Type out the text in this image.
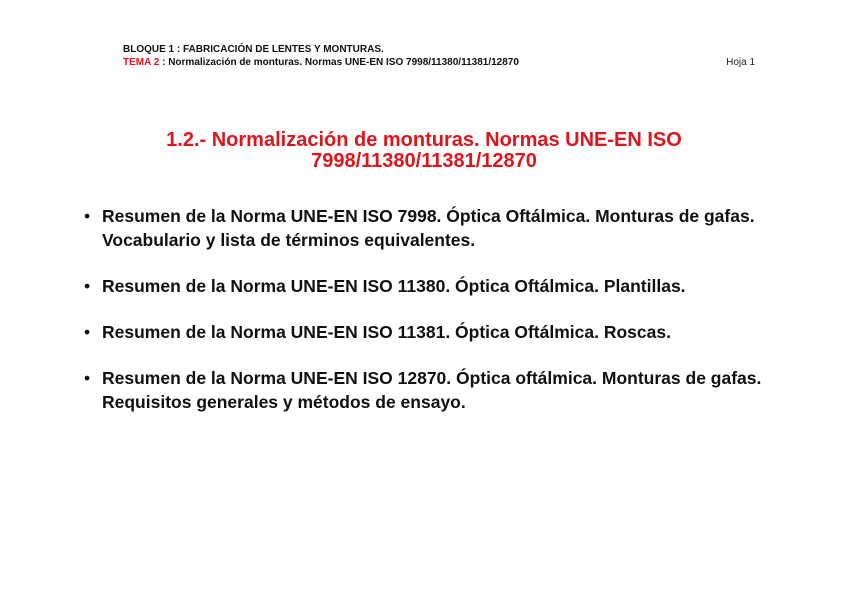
BLOQUE 1 : FABRICACIÓN DE LENTES Y MONTURAS.
TEMA 2 : Normalización de monturas. Normas UNE-EN ISO 7998/11380/11381/12870	Hoja 1
1.2.- Normalización de monturas. Normas UNE-EN ISO
7998/11380/11381/12870
• Resumen de la Norma UNE-EN ISO 7998. Óptica Oftálmica. Monturas de gafas. Vocabulario y lista de términos equivalentes.
• Resumen de la Norma UNE-EN ISO 11380. Óptica Oftálmica. Plantillas.
• Resumen de la Norma UNE-EN ISO 11381. Óptica Oftálmica. Roscas.
• Resumen de la Norma UNE-EN ISO 12870. Óptica oftálmica. Monturas de gafas. Requisitos generales y métodos de ensayo.
